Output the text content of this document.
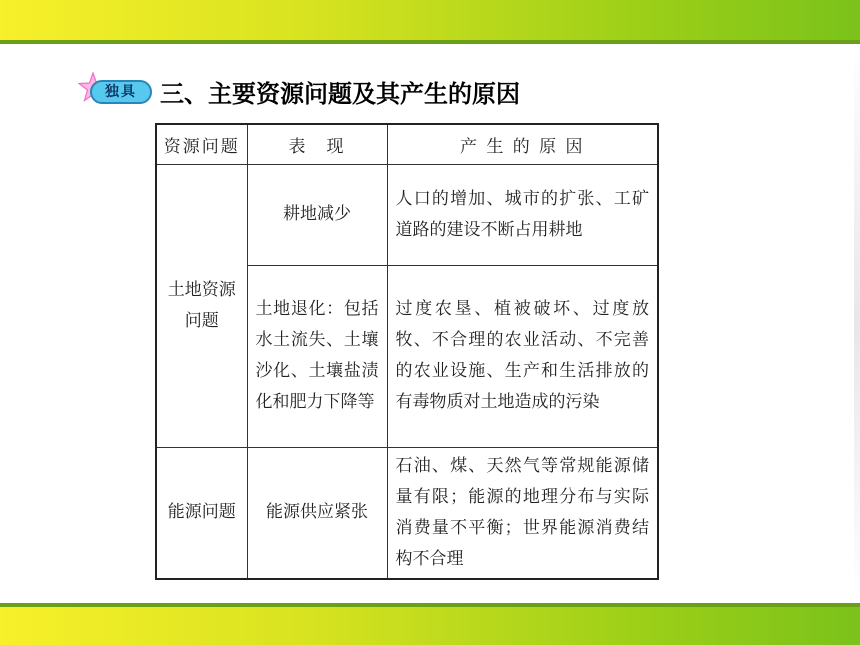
独具 三、主要资源问题及其产生的原因
资源问题	表　现	产 生 的 原 因

土地资源问题	耕地减少	人口的增加、城市的扩张、工矿道路的建设不断占用耕地

	土地退化：包括水土流失、土壤沙化、土壤盐渍化和肥力下降等	过度农垦、植被破坏、过度放牧、不合理的农业活动、不完善的农业设施、生产和生活排放的有毒物质对土地造成的污染

能源问题	能源供应紧张	石油、煤、天然气等常规能源储量有限；能源的地理分布与实际消费量不平衡；世界能源消费结构不合理
